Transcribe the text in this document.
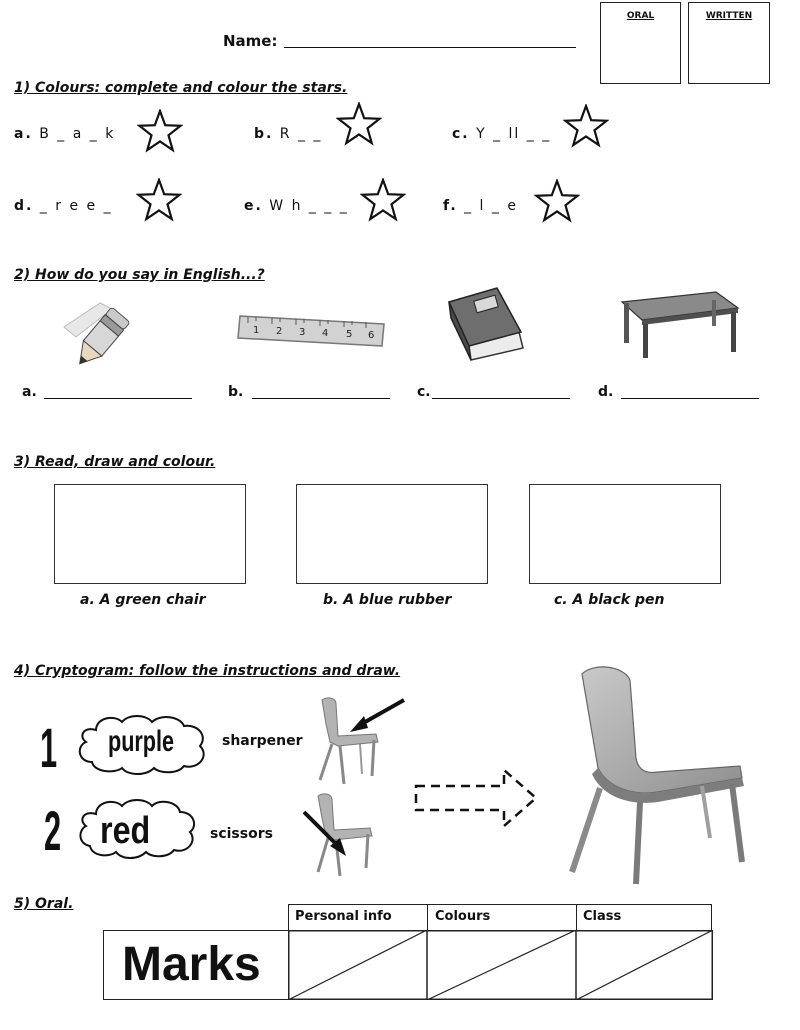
Name:
ORAL	WRITTEN
1) Colours: complete and colour the stars.
a. B _ a _ k	b. R _ _	c. Y _ ll _ _
d. _ r e e _	e. W h _ _ _	f. _ l _ e
2) How do you say in English...?
1 2 3 4 5 6
a.	b.	c.	d.
3) Read, draw and colour.
a. A green chair	b. A blue rubber	c. A black pen
4) Cryptogram: follow the instructions and draw.
1 purple	sharpener
2 red	scissors
5) Oral.
Personal info	Colours	Class
Marks
